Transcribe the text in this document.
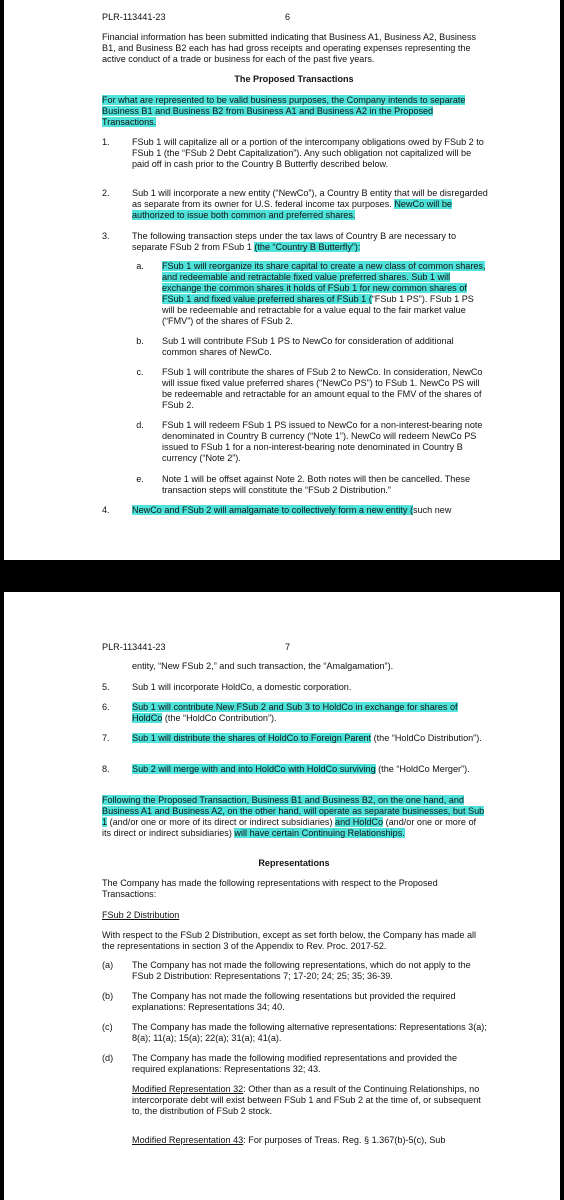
PLR-113441-23	6

Financial information has been submitted indicating that Business A1, Business A2, Business B1, and Business B2 each has had gross receipts and operating expenses representing the active conduct of a trade or business for each of the past five years.

The Proposed Transactions

For what are represented to be valid business purposes, the Company intends to separate Business B1 and Business B2 from Business A1 and Business A2 in the Proposed Transactions.

1.	FSub 1 will capitalize all or a portion of the intercompany obligations owed by FSub 2 to FSub 1 (the “FSub 2 Debt Capitalization”). Any such obligation not capitalized will be paid off in cash prior to the Country B Butterfly described below.

2.	Sub 1 will incorporate a new entity (“NewCo”), a Country B entity that will be disregarded as separate from its owner for U.S. federal income tax purposes. NewCo will be authorized to issue both common and preferred shares.

3.	The following transaction steps under the tax laws of Country B are necessary to separate FSub 2 from FSub 1 (the “Country B Butterfly”):

a.	FSub 1 will reorganize its share capital to create a new class of common shares, and redeemable and retractable fixed value preferred shares. Sub 1 will exchange the common shares it holds of FSub 1 for new common shares of FSub 1 and fixed value preferred shares of FSub 1 (“FSub 1 PS”). FSub 1 PS will be redeemable and retractable for a value equal to the fair market value (“FMV”) of the shares of FSub 2.

b.	Sub 1 will contribute FSub 1 PS to NewCo for consideration of additional common shares of NewCo.

c.	FSub 1 will contribute the shares of FSub 2 to NewCo. In consideration, NewCo will issue fixed value preferred shares (“NewCo PS”) to FSub 1. NewCo PS will be redeemable and retractable for an amount equal to the FMV of the shares of FSub 2.

d.	FSub 1 will redeem FSub 1 PS issued to NewCo for a non-interest-bearing note denominated in Country B currency (“Note 1”). NewCo will redeem NewCo PS issued to FSub 1 for a non-interest-bearing note denominated in Country B currency (“Note 2”).

e.	Note 1 will be offset against Note 2. Both notes will then be cancelled. These transaction steps will constitute the “FSub 2 Distribution.”

4.	NewCo and FSub 2 will amalgamate to collectively form a new entity (such new

PLR-113441-23	7

entity, “New FSub 2,” and such transaction, the “Amalgamation”).

5.	Sub 1 will incorporate HoldCo, a domestic corporation.

6.	Sub 1 will contribute New FSub 2 and Sub 3 to HoldCo in exchange for shares of HoldCo (the “HoldCo Contribution”).

7.	Sub 1 will distribute the shares of HoldCo to Foreign Parent (the “HoldCo Distribution”).

8.	Sub 2 will merge with and into HoldCo with HoldCo surviving (the “HoldCo Merger”).

Following the Proposed Transaction, Business B1 and Business B2, on the one hand, and Business A1 and Business A2, on the other hand, will operate as separate businesses, but Sub 1 (and/or one or more of its direct or indirect subsidiaries) and HoldCo (and/or one or more of its direct or indirect subsidiaries) will have certain Continuing Relationships.

Representations

The Company has made the following representations with respect to the Proposed Transactions:

FSub 2 Distribution

With respect to the FSub 2 Distribution, except as set forth below, the Company has made all the representations in section 3 of the Appendix to Rev. Proc. 2017-52.

(a)	The Company has not made the following representations, which do not apply to the FSub 2 Distribution: Representations 7; 17-20; 24; 25; 35; 36-39.

(b)	The Company has not made the following resentations but provided the required explanations: Representations 34; 40.

(c)	The Company has made the following alternative representations: Representations 3(a); 8(a); 11(a); 15(a); 22(a); 31(a); 41(a).

(d)	The Company has made the following modified representations and provided the required explanations: Representations 32; 43.

Modified Representation 32: Other than as a result of the Continuing Relationships, no intercorporate debt will exist between FSub 1 and FSub 2 at the time of, or subsequent to, the distribution of FSub 2 stock.

Modified Representation 43: For purposes of Treas. Reg. § 1.367(b)-5(c), Sub
